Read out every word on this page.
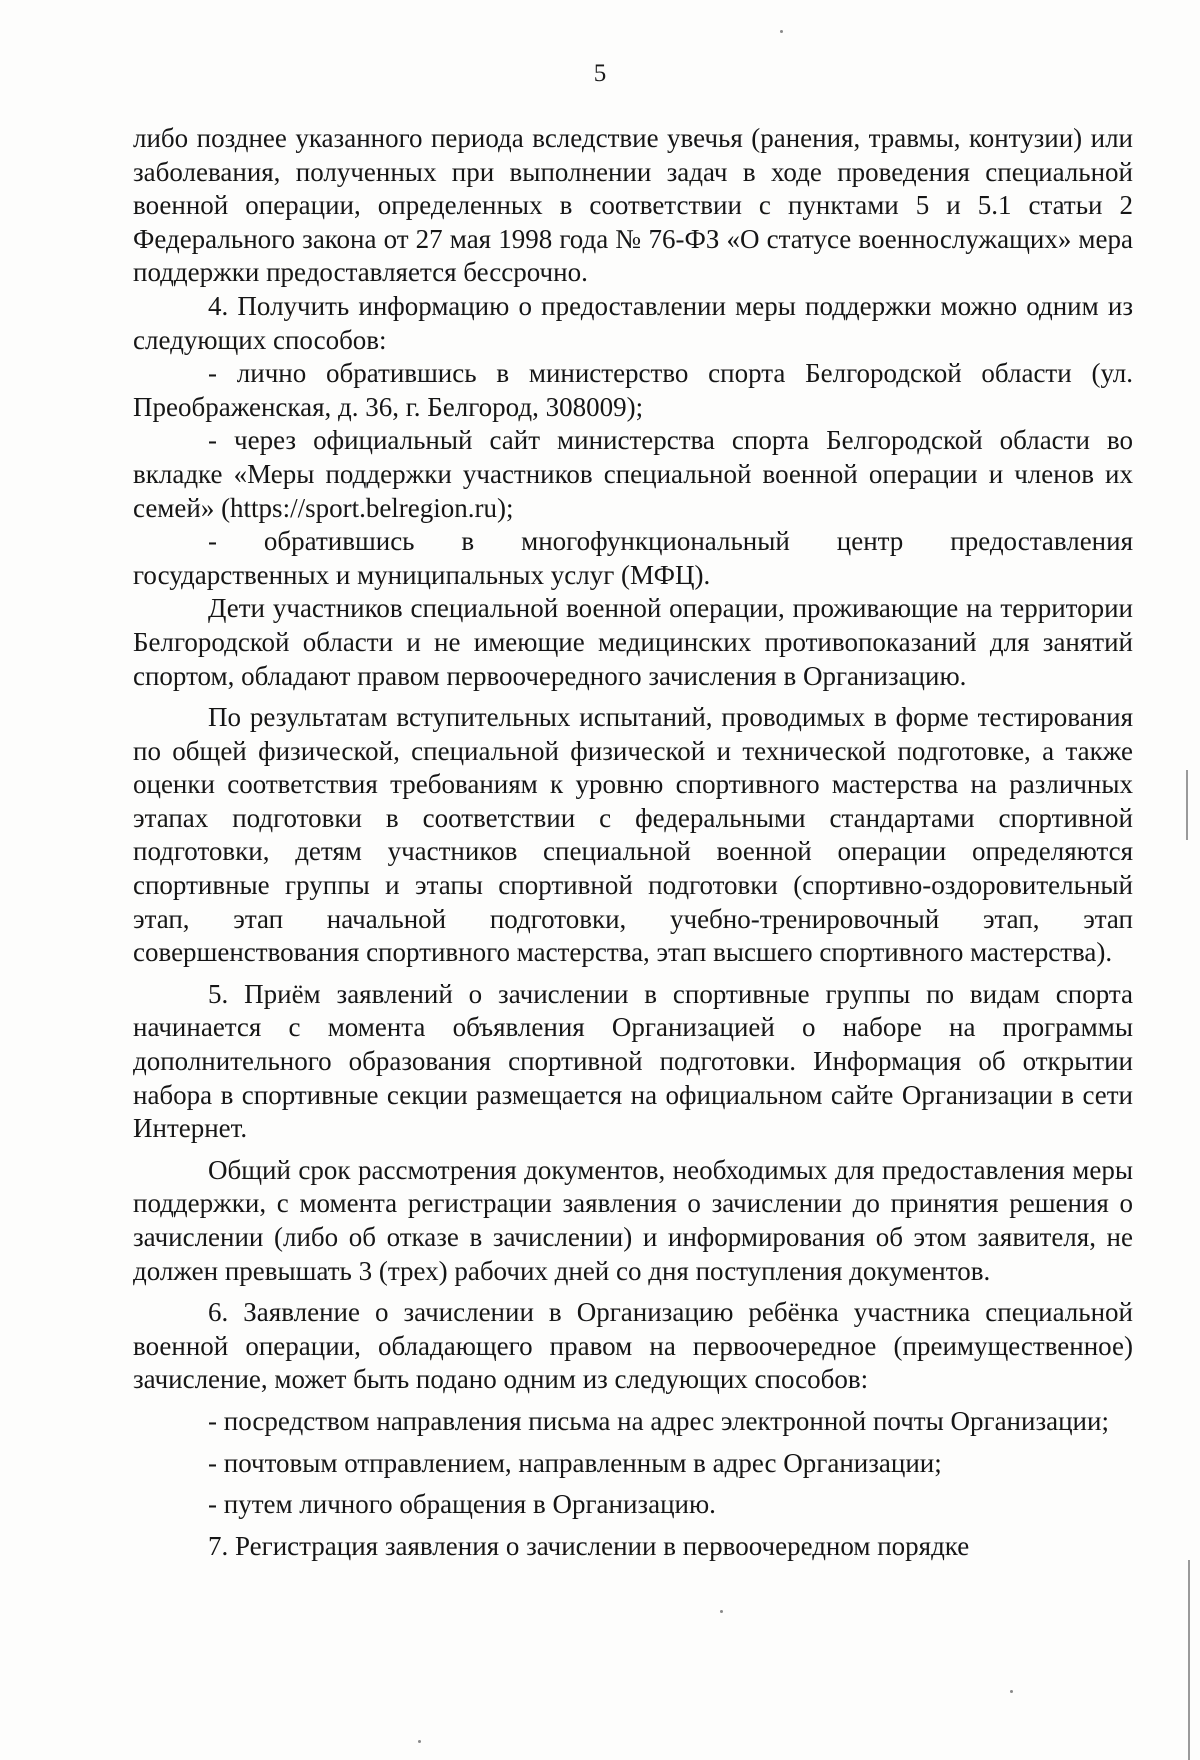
5

либо позднее указанного периода вследствие увечья (ранения, травмы, контузии) или заболевания, полученных при выполнении задач в ходе проведения специальной военной операции, определенных в соответствии с пунктами 5 и 5.1 статьи 2 Федерального закона от 27 мая 1998 года № 76-ФЗ «О статусе военнослужащих» мера поддержки предоставляется бессрочно.

4. Получить информацию о предоставлении меры поддержки можно одним из следующих способов:

- лично обратившись в министерство спорта Белгородской области (ул. Преображенская, д. 36, г. Белгород, 308009);

- через официальный сайт министерства спорта Белгородской области во вкладке «Меры поддержки участников специальной военной операции и членов их семей» (https://sport.belregion.ru);

- обратившись в многофункциональный центр предоставления государственных и муниципальных услуг (МФЦ).

Дети участников специальной военной операции, проживающие на территории Белгородской области и не имеющие медицинских противопоказаний для занятий спортом, обладают правом первоочередного зачисления в Организацию.

По результатам вступительных испытаний, проводимых в форме тестирования по общей физической, специальной физической и технической подготовке, а также оценки соответствия требованиям к уровню спортивного мастерства на различных этапах подготовки в соответствии с федеральными стандартами спортивной подготовки, детям участников специальной военной операции определяются спортивные группы и этапы спортивной подготовки (спортивно-оздоровительный этап, этап начальной подготовки, учебно-тренировочный этап, этап совершенствования спортивного мастерства, этап высшего спортивного мастерства).

5. Приём заявлений о зачислении в спортивные группы по видам спорта начинается с момента объявления Организацией о наборе на программы дополнительного образования спортивной подготовки. Информация об открытии набора в спортивные секции размещается на официальном сайте Организации в сети Интернет.

Общий срок рассмотрения документов, необходимых для предоставления меры поддержки, с момента регистрации заявления о зачислении до принятия решения о зачислении (либо об отказе в зачислении) и информирования об этом заявителя, не должен превышать 3 (трех) рабочих дней со дня поступления документов.

6. Заявление о зачислении в Организацию ребёнка участника специальной военной операции, обладающего правом на первоочередное (преимущественное) зачисление, может быть подано одним из следующих способов:

- посредством направления письма на адрес электронной почты Организации;

- почтовым отправлением, направленным в адрес Организации;

- путем личного обращения в Организацию.

7. Регистрация заявления о зачислении в первоочередном порядке
